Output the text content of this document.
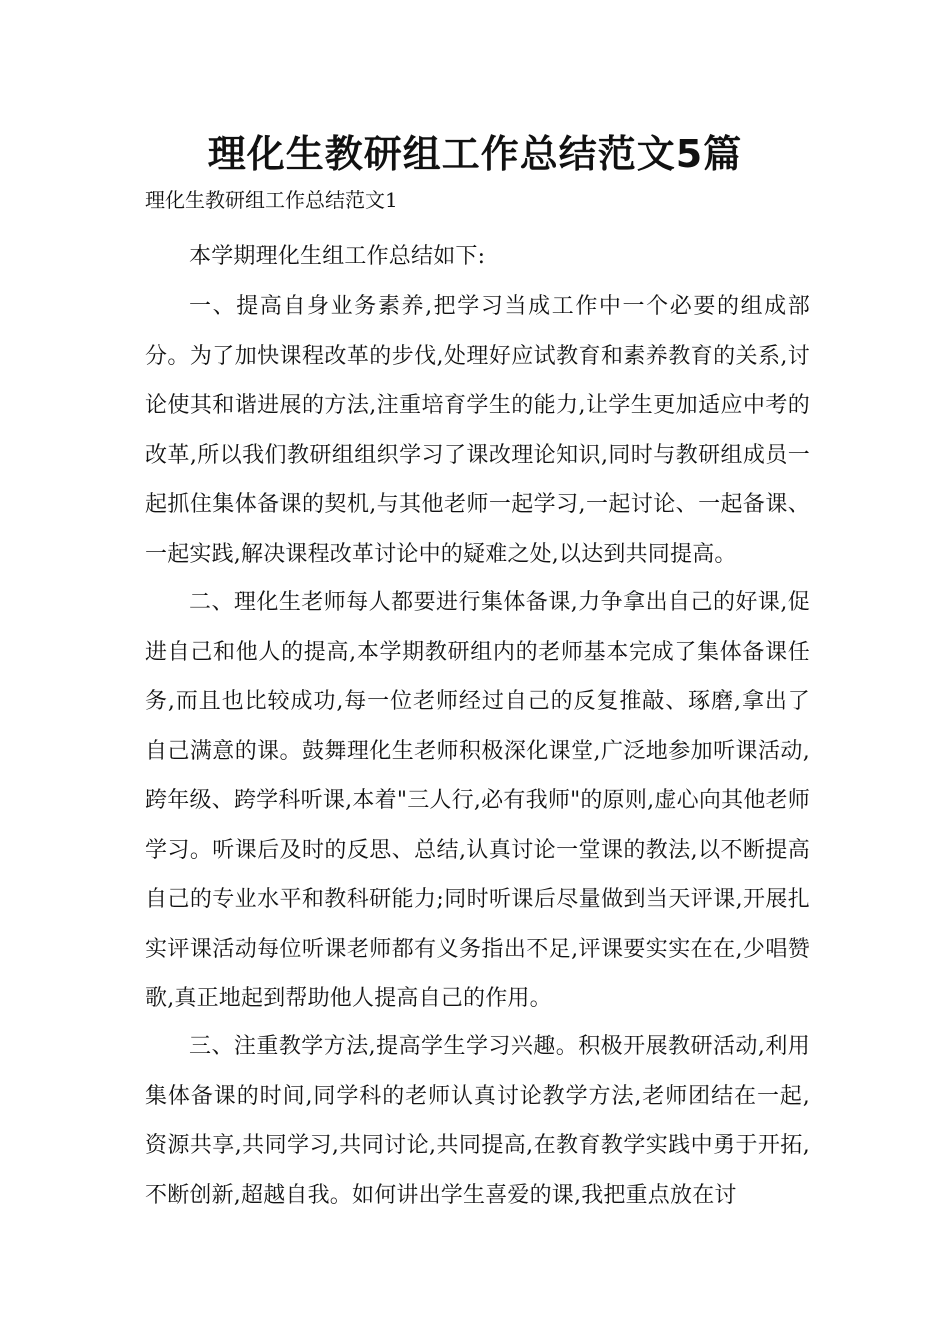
理化生教研组工作总结范文5篇

理化生教研组工作总结范文1

本学期理化生组工作总结如下:

一、提高自身业务素养,把学习当成工作中一个必要的组成部分。为了加快课程改革的步伐,处理好应试教育和素养教育的关系,讨论使其和谐进展的方法,注重培育学生的能力,让学生更加适应中考的改革,所以我们教研组组织学习了课改理论知识,同时与教研组成员一起抓住集体备课的契机,与其他老师一起学习,一起讨论、一起备课、一起实践,解决课程改革讨论中的疑难之处,以达到共同提高。

二、理化生老师每人都要进行集体备课,力争拿出自己的好课,促进自己和他人的提高,本学期教研组内的老师基本完成了集体备课任务,而且也比较成功,每一位老师经过自己的反复推敲、琢磨,拿出了自己满意的课。鼓舞理化生老师积极深化课堂,广泛地参加听课活动,跨年级、跨学科听课,本着"三人行,必有我师"的原则,虚心向其他老师学习。听课后及时的反思、总结,认真讨论一堂课的教法,以不断提高自己的专业水平和教科研能力;同时听课后尽量做到当天评课,开展扎实评课活动每位听课老师都有义务指出不足,评课要实实在在,少唱赞歌,真正地起到帮助他人提高自己的作用。

三、注重教学方法,提高学生学习兴趣。积极开展教研活动,利用集体备课的时间,同学科的老师认真讨论教学方法,老师团结在一起,资源共享,共同学习,共同讨论,共同提高,在教育教学实践中勇于开拓,不断创新,超越自我。如何讲出学生喜爱的课,我把重点放在讨
